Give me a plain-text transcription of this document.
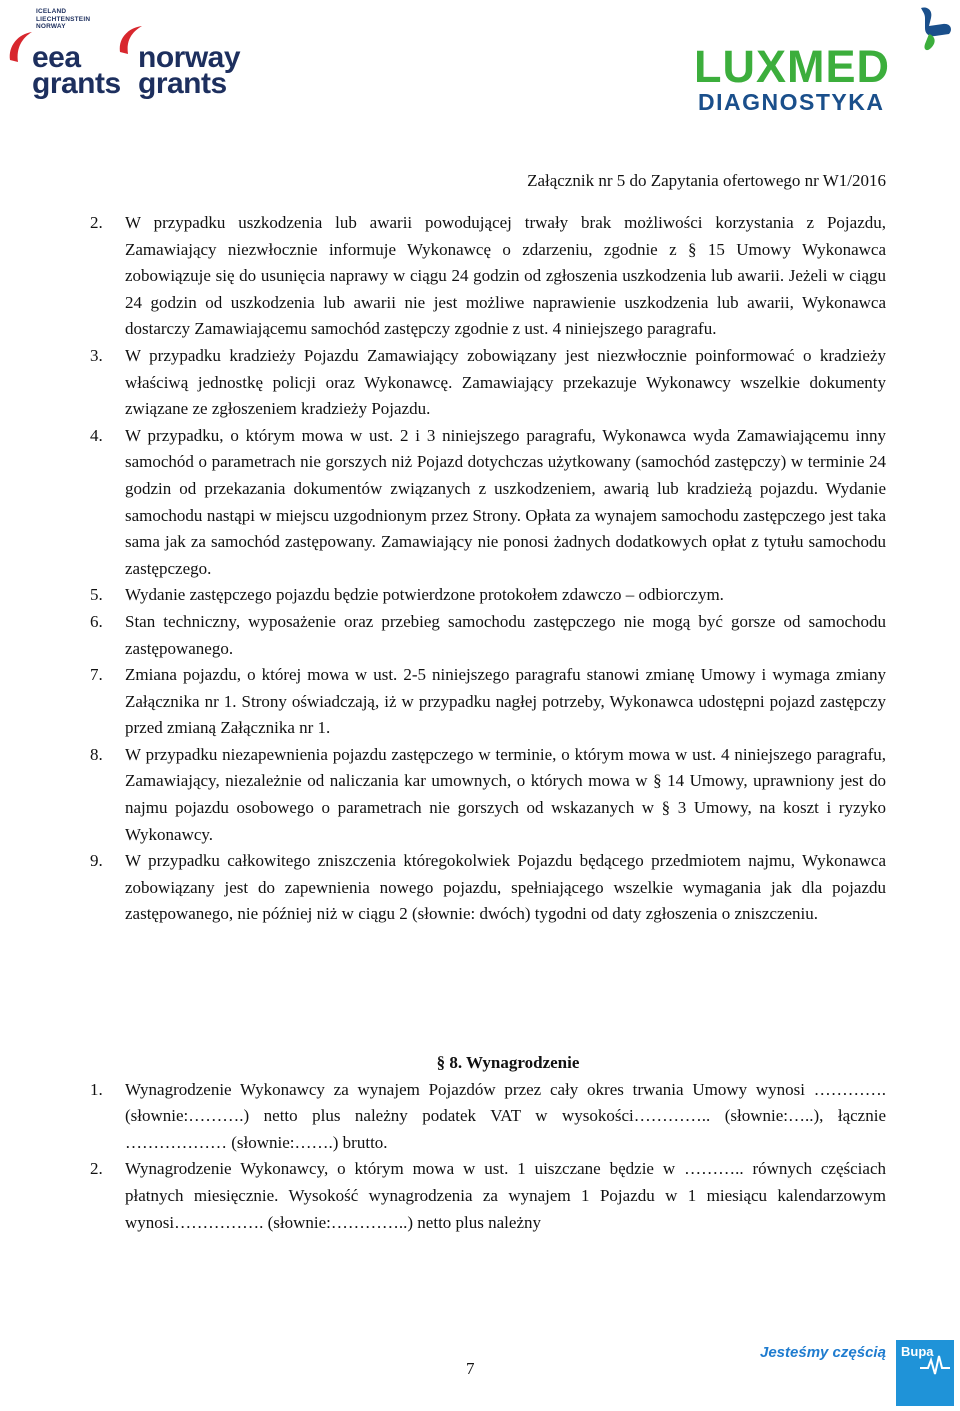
ICELAND
LIECHTENSTEIN
NORWAY
eea
grants
norway
grants	LUXMED
DIAGNOSTYKA
Załącznik nr 5 do Zapytania ofertowego nr W1/2016
2.	W przypadku uszkodzenia lub awarii powodującej trwały brak możliwości korzystania z Pojazdu, Zamawiający niezwłocznie informuje Wykonawcę o zdarzeniu, zgodnie z § 15 Umowy Wykonawca zobowiązuje się do usunięcia naprawy w ciągu 24 godzin od zgłoszenia uszkodzenia lub awarii. Jeżeli w ciągu 24 godzin od uszkodzenia lub awarii nie jest możliwe naprawienie uszkodzenia lub awarii, Wykonawca dostarczy Zamawiającemu samochód zastępczy zgodnie z ust. 4 niniejszego paragrafu.
3.	W przypadku kradzieży Pojazdu Zamawiający zobowiązany jest niezwłocznie poinformować o kradzieży właściwą jednostkę policji oraz Wykonawcę. Zamawiający przekazuje Wykonawcy wszelkie dokumenty związane ze zgłoszeniem kradzieży Pojazdu.
4.	W przypadku, o którym mowa w ust. 2 i 3 niniejszego paragrafu, Wykonawca wyda Zamawiającemu inny samochód o parametrach nie gorszych niż Pojazd dotychczas użytkowany (samochód zastępczy) w terminie 24 godzin od przekazania dokumentów związanych z uszkodzeniem, awarią lub kradzieżą pojazdu. Wydanie samochodu nastąpi w miejscu uzgodnionym przez Strony. Opłata za wynajem samochodu zastępczego jest taka sama jak za samochód zastępowany. Zamawiający nie ponosi żadnych dodatkowych opłat z tytułu samochodu zastępczego.
5.	Wydanie zastępczego pojazdu będzie potwierdzone protokołem zdawczo – odbiorczym.
6.	Stan techniczny, wyposażenie oraz przebieg samochodu zastępczego nie mogą być gorsze od samochodu zastępowanego.
7.	Zmiana pojazdu, o której mowa w ust. 2-5 niniejszego paragrafu stanowi zmianę Umowy i wymaga zmiany Załącznika nr 1. Strony oświadczają, iż w przypadku nagłej potrzeby, Wykonawca udostępni pojazd zastępczy przed zmianą Załącznika nr 1.
8.	W przypadku niezapewnienia pojazdu zastępczego w terminie, o którym mowa w ust. 4 niniejszego paragrafu, Zamawiający, niezależnie od naliczania kar umownych, o których mowa w § 14 Umowy, uprawniony jest do najmu pojazdu osobowego o parametrach nie gorszych od wskazanych w § 3 Umowy, na koszt i ryzyko Wykonawcy.
9.	W przypadku całkowitego zniszczenia któregokolwiek Pojazdu będącego przedmiotem najmu, Wykonawca zobowiązany jest do zapewnienia nowego pojazdu, spełniającego wszelkie wymagania jak dla pojazdu zastępowanego, nie później niż w ciągu 2 (słownie: dwóch) tygodni od daty zgłoszenia o zniszczeniu.
§ 8. Wynagrodzenie
1.	Wynagrodzenie Wykonawcy za wynajem Pojazdów przez cały okres trwania Umowy wynosi ………….(słownie:……….) netto plus należny podatek VAT w wysokości………….. (słownie:…..), łącznie ……………… (słownie:…….) brutto.
2.	Wynagrodzenie Wykonawcy, o którym mowa w ust. 1 uiszczane będzie w ……….. równych częściach płatnych miesięcznie. Wysokość wynagrodzenia za wynajem 1 Pojazdu w 1 miesiącu kalendarzowym wynosi……………. (słownie:…………..) netto plus należny
7
Jesteśmy częścią Bupa
